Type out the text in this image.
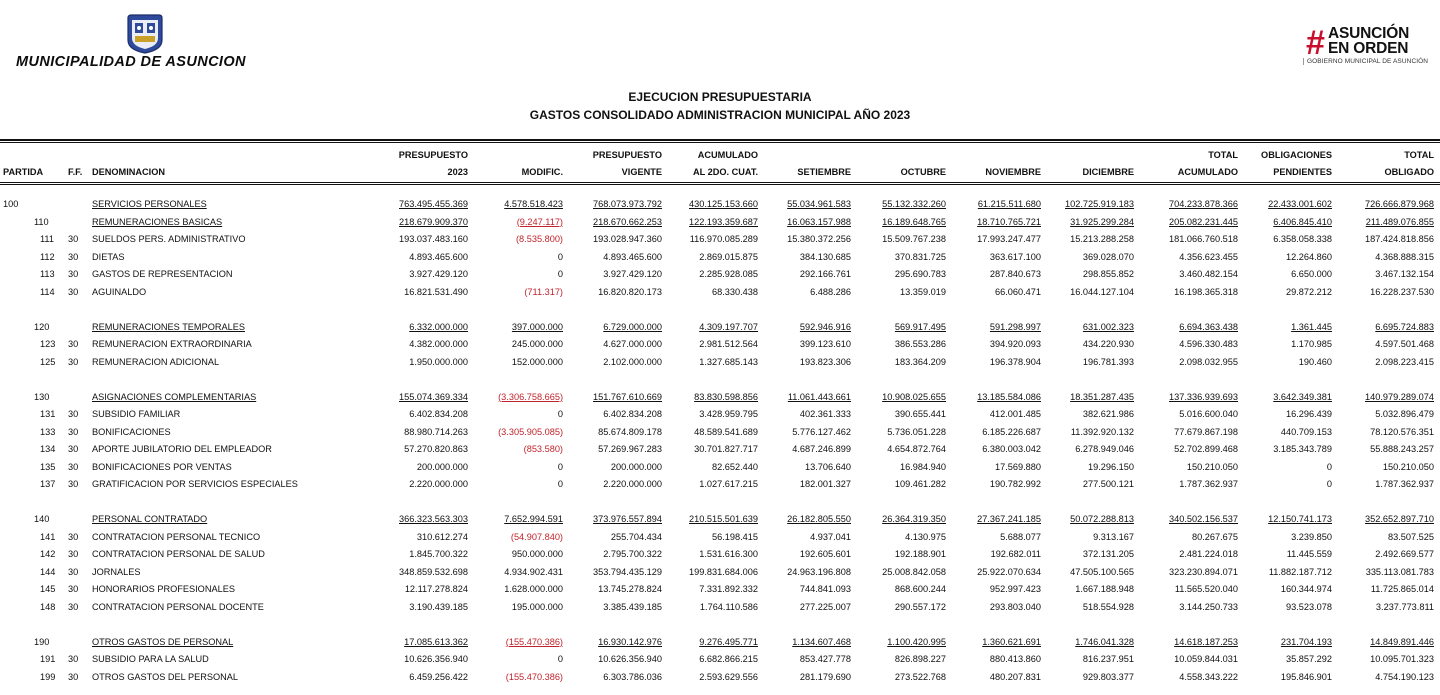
MUNICIPALIDAD DE ASUNCION	# ASUNCIÓN
EN ORDEN
GOBIERNO MUNICIPAL DE ASUNCIÓN
EJECUCION PRESUPUESTARIA
GASTOS CONSOLIDADO ADMINISTRACION MUNICIPAL AÑO 2023
PRESUPUESTO	PRESUPUESTO	ACUMULADO	TOTAL	OBLIGACIONES	TOTAL
PARTIDA	F.F. DENOMINACION	2023	MODIFIC.	VIGENTE	AL 2DO. CUAT.	SETIEMBRE	OCTUBRE	NOVIEMBRE	DICIEMBRE	ACUMULADO	PENDIENTES	OBLIGADO
100	SERVICIOS PERSONALES	763.495.455.369	4.578.518.423	768.073.973.792	430.125.153.660	55.034.961.583	55.132.332.260	61.215.511.680	102.725.919.183	704.233.878.366	22.433.001.602	726.666.879.968
110	REMUNERACIONES BASICAS	218.679.909.370	(9.247.117)	218.670.662.253	122.193.359.687	16.063.157.988	16.189.648.765	18.710.765.721	31.925.299.284	205.082.231.445	6.406.845.410	211.489.076.855
111 30 SUELDOS PERS. ADMINISTRATIVO	193.037.483.160	(8.535.800)	193.028.947.360	116.970.085.289	15.380.372.256	15.509.767.238	17.993.247.477	15.213.288.258	181.066.760.518	6.358.058.338	187.424.818.856
112 30 DIETAS	4.893.465.600	0	4.893.465.600	2.869.015.875	384.130.685	370.831.725	363.617.100	369.028.070	4.356.623.455	12.264.860	4.368.888.315
113 30 GASTOS DE REPRESENTACION	3.927.429.120	0	3.927.429.120	2.285.928.085	292.166.761	295.690.783	287.840.673	298.855.852	3.460.482.154	6.650.000	3.467.132.154
114 30 AGUINALDO	16.821.531.490	(711.317)	16.820.820.173	68.330.438	6.488.286	13.359.019	66.060.471	16.044.127.104	16.198.365.318	29.872.212	16.228.237.530
120	REMUNERACIONES TEMPORALES	6.332.000.000	397.000.000	6.729.000.000	4.309.197.707	592.946.916	569.917.495	591.298.997	631.002.323	6.694.363.438	1.361.445	6.695.724.883
123 30 REMUNERACION EXTRAORDINARIA	4.382.000.000	245.000.000	4.627.000.000	2.981.512.564	399.123.610	386.553.286	394.920.093	434.220.930	4.596.330.483	1.170.985	4.597.501.468
125 30 REMUNERACION ADICIONAL	1.950.000.000	152.000.000	2.102.000.000	1.327.685.143	193.823.306	183.364.209	196.378.904	196.781.393	2.098.032.955	190.460	2.098.223.415
130	ASIGNACIONES COMPLEMENTARIAS	155.074.369.334	(3.306.758.665)	151.767.610.669	83.830.598.856	11.061.443.661	10.908.025.655	13.185.584.086	18.351.287.435	137.336.939.693	3.642.349.381	140.979.289.074
131 30 SUBSIDIO FAMILIAR	6.402.834.208	0	6.402.834.208	3.428.959.795	402.361.333	390.655.441	412.001.485	382.621.986	5.016.600.040	16.296.439	5.032.896.479
133 30 BONIFICACIONES	88.980.714.263	(3.305.905.085)	85.674.809.178	48.589.541.689	5.776.127.462	5.736.051.228	6.185.226.687	11.392.920.132	77.679.867.198	440.709.153	78.120.576.351
134 30 APORTE JUBILATORIO DEL EMPLEADOR	57.270.820.863	(853.580)	57.269.967.283	30.701.827.717	4.687.246.899	4.654.872.764	6.380.003.042	6.278.949.046	52.702.899.468	3.185.343.789	55.888.243.257
135 30 BONIFICACIONES POR VENTAS	200.000.000	0	200.000.000	82.652.440	13.706.640	16.984.940	17.569.880	19.296.150	150.210.050	0	150.210.050
137 30 GRATIFICACION POR SERVICIOS ESPECIALES	2.220.000.000	0	2.220.000.000	1.027.617.215	182.001.327	109.461.282	190.782.992	277.500.121	1.787.362.937	0	1.787.362.937
140	PERSONAL CONTRATADO	366.323.563.303	7.652.994.591	373.976.557.894	210.515.501.639	26.182.805.550	26.364.319.350	27.367.241.185	50.072.288.813	340.502.156.537	12.150.741.173	352.652.897.710
141 30 CONTRATACION PERSONAL TECNICO	310.612.274	(54.907.840)	255.704.434	56.198.415	4.937.041	4.130.975	5.688.077	9.313.167	80.267.675	3.239.850	83.507.525
142 30 CONTRATACION PERSONAL DE SALUD	1.845.700.322	950.000.000	2.795.700.322	1.531.616.300	192.605.601	192.188.901	192.682.011	372.131.205	2.481.224.018	11.445.559	2.492.669.577
144 30 JORNALES	348.859.532.698	4.934.902.431	353.794.435.129	199.831.684.006	24.963.196.808	25.008.842.058	25.922.070.634	47.505.100.565	323.230.894.071	11.882.187.712	335.113.081.783
145 30 HONORARIOS PROFESIONALES	12.117.278.824	1.628.000.000	13.745.278.824	7.331.892.332	744.841.093	868.600.244	952.997.423	1.667.188.948	11.565.520.040	160.344.974	11.725.865.014
148 30 CONTRATACION PERSONAL DOCENTE	3.190.439.185	195.000.000	3.385.439.185	1.764.110.586	277.225.007	290.557.172	293.803.040	518.554.928	3.144.250.733	93.523.078	3.237.773.811
190	OTROS GASTOS DE PERSONAL	17.085.613.362	(155.470.386)	16.930.142.976	9.276.495.771	1.134.607.468	1.100.420.995	1.360.621.691	1.746.041.328	14.618.187.253	231.704.193	14.849.891.446
191 30 SUBSIDIO PARA LA SALUD	10.626.356.940	0	10.626.356.940	6.682.866.215	853.427.778	826.898.227	880.413.860	816.237.951	10.059.844.031	35.857.292	10.095.701.323
199 30 OTROS GASTOS DEL PERSONAL	6.459.256.422	(155.470.386)	6.303.786.036	2.593.629.556	281.179.690	273.522.768	480.207.831	929.803.377	4.558.343.222	195.846.901	4.754.190.123
